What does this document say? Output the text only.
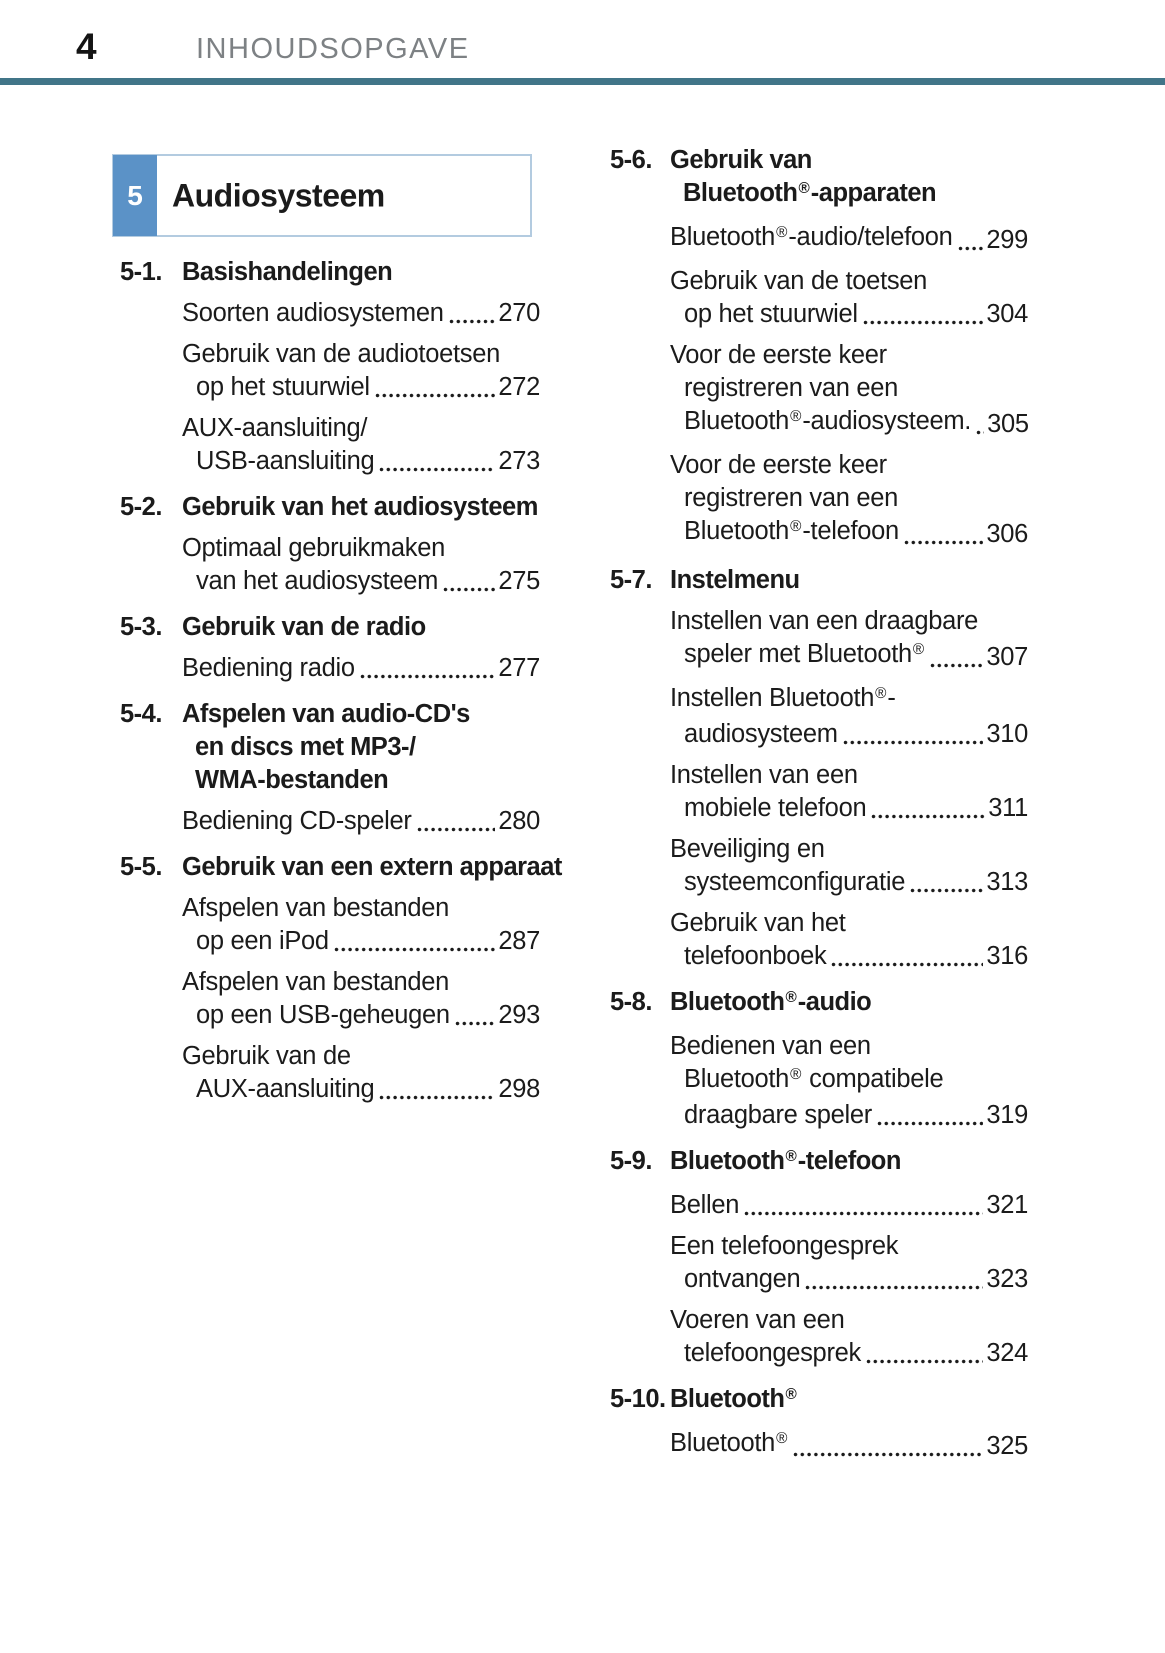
4	INHOUDSOPGAVE
5 Audiosysteem
5-1. Basishandelingen
Soorten audiosystemen 270
Gebruik van de audiotoetsen
op het stuurwiel	272
AUX-aansluiting/
USB-aansluiting	273
5-2. Gebruik van het audiosysteem
Optimaal gebruikmaken
van het audiosysteem 275
5-3. Gebruik van de radio
Bediening radio	277
5-4. Afspelen van audio-CD's
en discs met MP3-/
WMA-bestanden
Bediening CD-speler	280
5-5. Gebruik van een extern apparaat
Afspelen van bestanden
op een iPod	287
Afspelen van bestanden
op een USB-geheugen 293
Gebruik van de
AUX-aansluiting	298
5-6. Gebruik van
Bluetooth®-apparaten
Bluetooth®-audio/telefoon 299
Gebruik van de toetsen
op het stuurwiel	304
Voor de eerste keer
registreren van een
Bluetooth®-audiosysteem. 305
Voor de eerste keer
registreren van een
Bluetooth®-telefoon	306
5-7. Instelmenu
Instellen van een draagbare
speler met Bluetooth® 307
Instellen Bluetooth®-
audiosysteem	310
Instellen van een
mobiele telefoon	311
Beveiliging en
systeemconfiguratie	313
Gebruik van het
telefoonboek	316
5-8. Bluetooth®-audio
Bedienen van een
Bluetooth® compatibele
draagbare speler	319
5-9. Bluetooth®-telefoon
Bellen	321
Een telefoongesprek
ontvangen	323
Voeren van een
telefoongesprek	324
5-10. Bluetooth®
Bluetooth®	325
